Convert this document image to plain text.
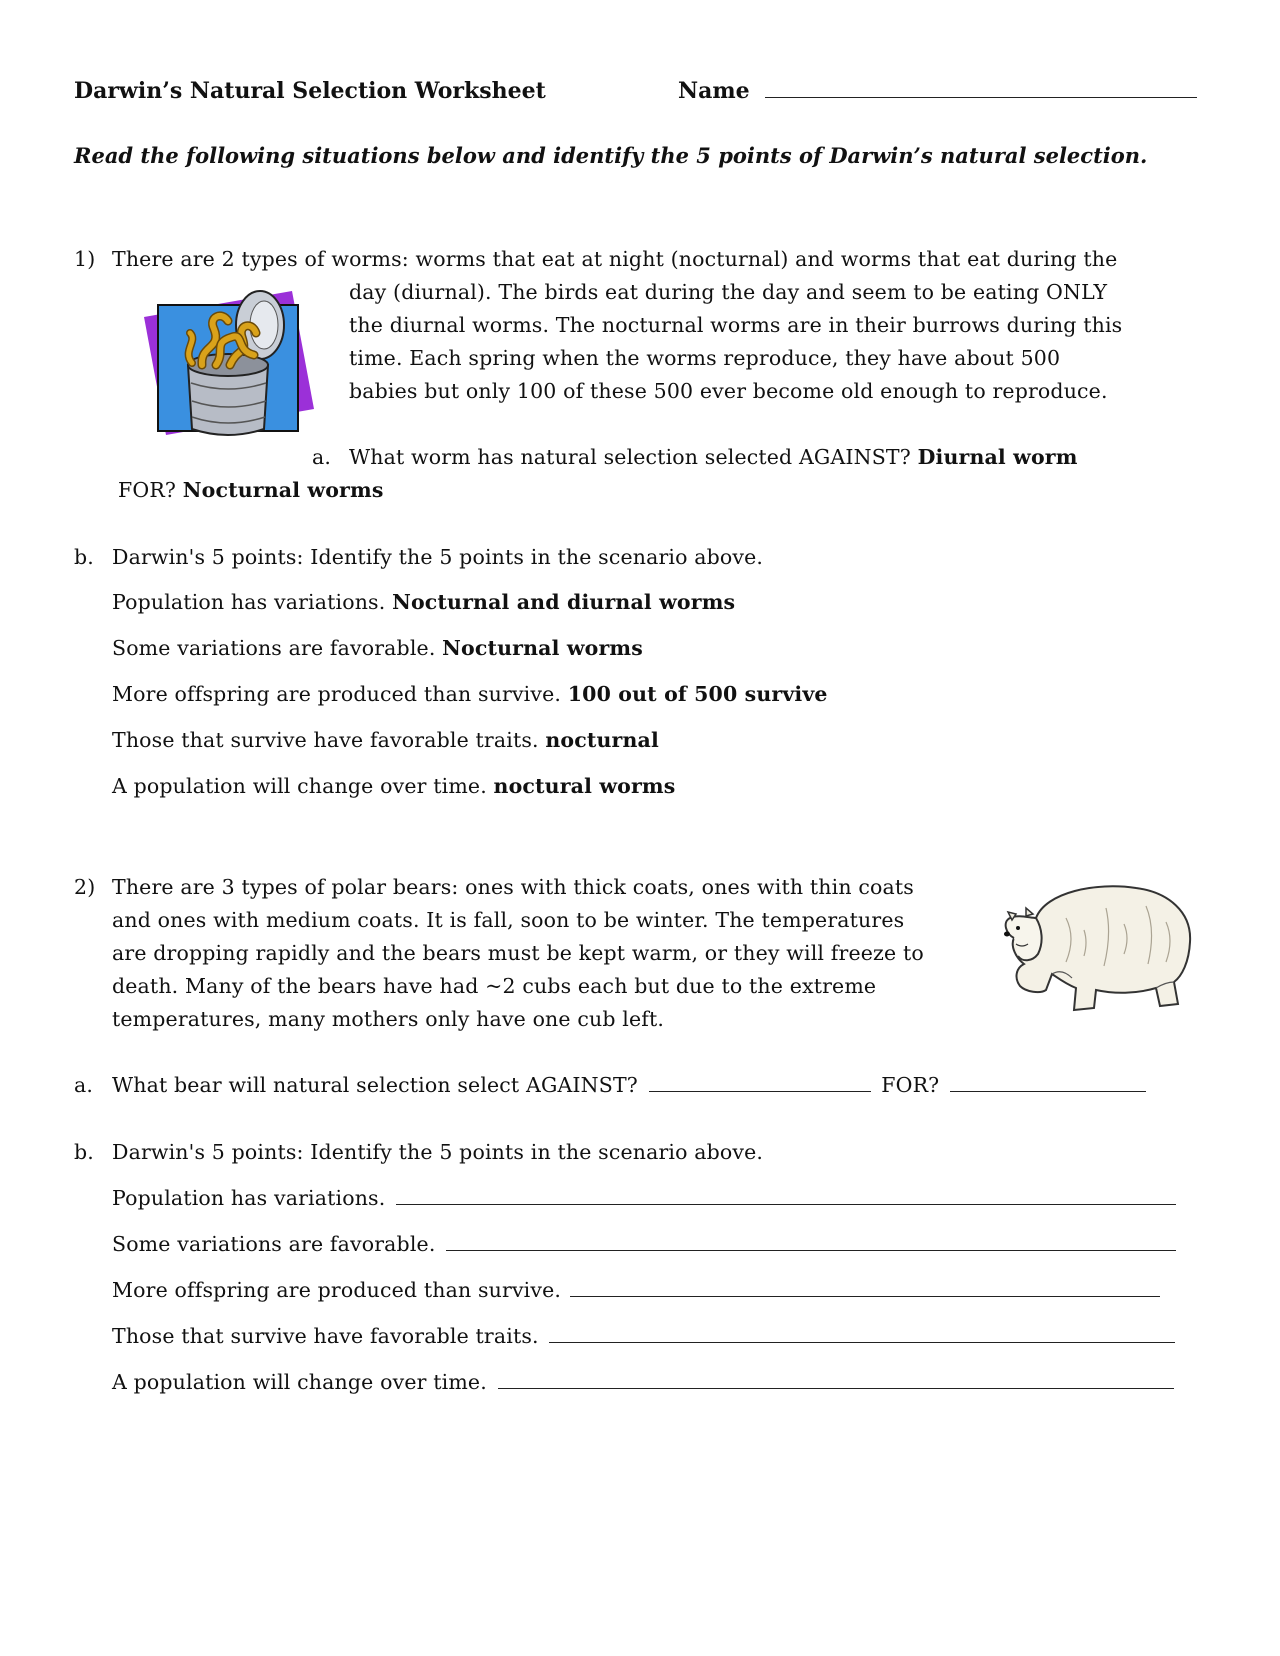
Darwin’s Natural Selection Worksheet	Name
Read the following situations below and identify the 5 points of Darwin’s natural selection.
1) There are 2 types of worms: worms that eat at night (nocturnal) and worms that eat during the
day (diurnal). The birds eat during the day and seem to be eating ONLY
the diurnal worms. The nocturnal worms are in their burrows during this
time. Each spring when the worms reproduce, they have about 500
babies but only 100 of these 500 ever become old enough to reproduce.
a. What worm has natural selection selected AGAINST? Diurnal worm
FOR? Nocturnal worms
b. Darwin's 5 points: Identify the 5 points in the scenario above.
Population has variations. Nocturnal and diurnal worms
Some variations are favorable. Nocturnal worms
More offspring are produced than survive. 100 out of 500 survive
Those that survive have favorable traits. nocturnal
A population will change over time. noctural worms
2) There are 3 types of polar bears: ones with thick coats, ones with thin coats
and ones with medium coats. It is fall, soon to be winter. The temperatures
are dropping rapidly and the bears must be kept warm, or they will freeze to
death. Many of the bears have had ~2 cubs each but due to the extreme
temperatures, many mothers only have one cub left.
a. What bear will natural selection select AGAINST?	FOR?
b. Darwin's 5 points: Identify the 5 points in the scenario above.
Population has variations.
Some variations are favorable.
More offspring are produced than survive.
Those that survive have favorable traits.
A population will change over time.
